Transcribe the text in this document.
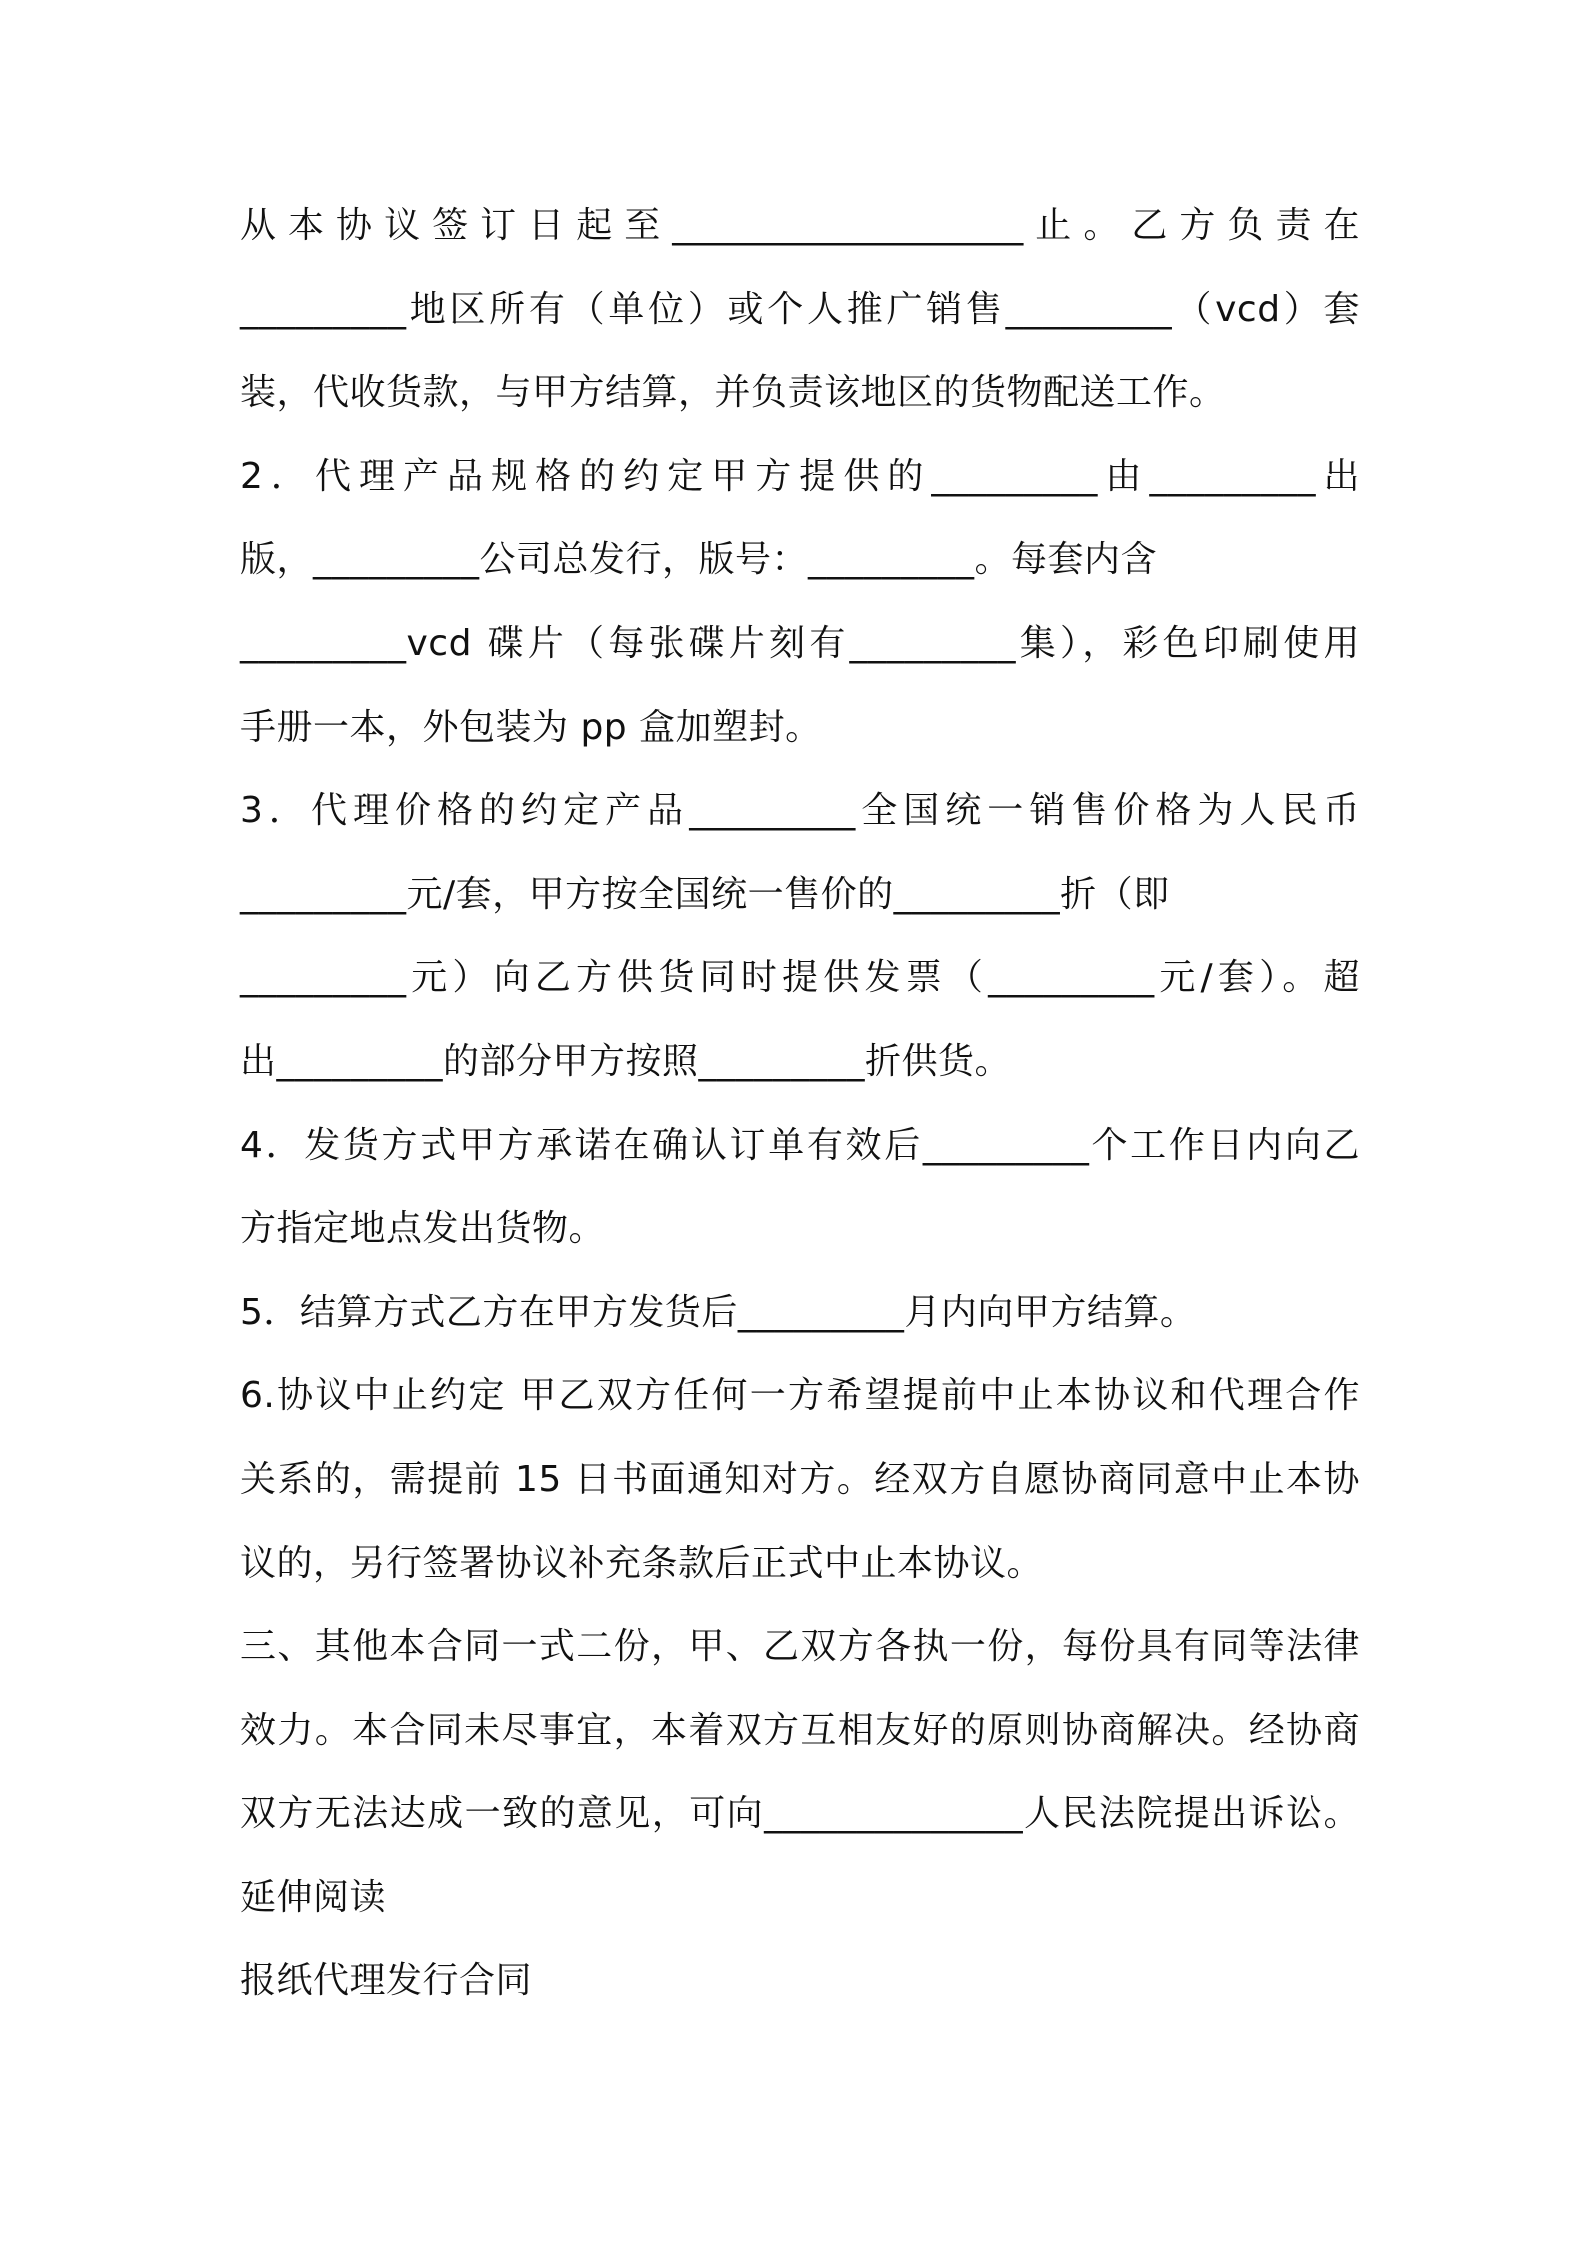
从本协议签订日起至___________________止。乙方负责在
_________地区所有（单位）或个人推广销售_________（vcd）套
装，代收货款，与甲方结算，并负责该地区的货物配送工作。
2．代理产品规格的约定甲方提供的_________由_________出
版，_________公司总发行，版号：_________。每套内含
_________vcd 碟片（每张碟片刻有_________集），彩色印刷使用
手册一本，外包装为 pp 盒加塑封。
3．代理价格的约定产品_________全国统一销售价格为人民币
_________元/套，甲方按全国统一售价的_________折（即
_________元）向乙方供货同时提供发票（_________元/套）。超
出_________的部分甲方按照_________折供货。
4．发货方式甲方承诺在确认订单有效后_________个工作日内向乙
方指定地点发出货物。
5．结算方式乙方在甲方发货后_________月内向甲方结算。
6.协议中止约定 甲乙双方任何一方希望提前中止本协议和代理合作
关系的，需提前 15 日书面通知对方。经双方自愿协商同意中止本协
议的，另行签署协议补充条款后正式中止本协议。
三、其他本合同一式二份，甲、乙双方各执一份，每份具有同等法律
效力。本合同未尽事宜，本着双方互相友好的原则协商解决。经协商
双方无法达成一致的意见，可向______________人民法院提出诉讼。
延伸阅读
报纸代理发行合同
